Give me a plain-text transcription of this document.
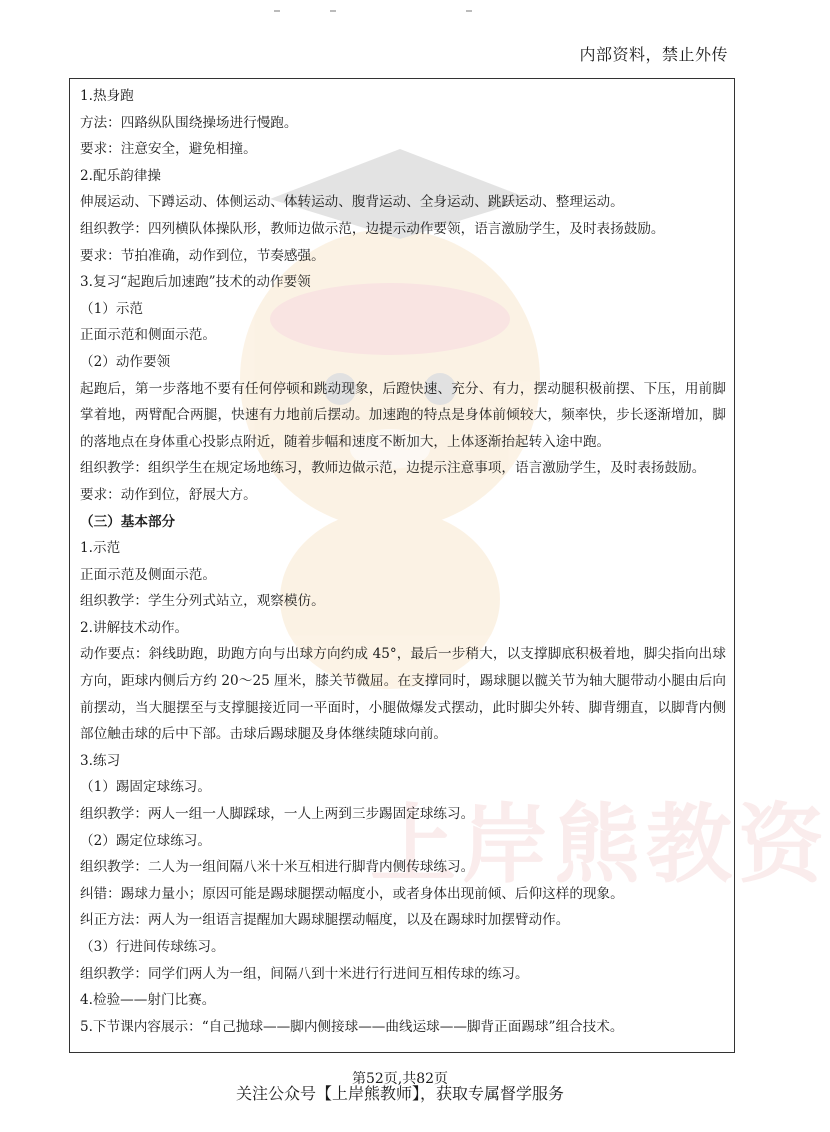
内部资料，禁止外传
上岸熊教资

1.热身跑

方法：四路纵队围绕操场进行慢跑。

要求：注意安全，避免相撞。

2.配乐韵律操

伸展运动、下蹲运动、体侧运动、体转运动、腹背运动、全身运动、跳跃运动、整理运动。

组织教学：四列横队体操队形，教师边做示范，边提示动作要领，语言激励学生，及时表扬鼓励。

要求：节拍准确，动作到位，节奏感强。

3.复习“起跑后加速跑”技术的动作要领

（1）示范

正面示范和侧面示范。

（2）动作要领

起跑后，第一步落地不要有任何停顿和跳动现象，后蹬快速、充分、有力，摆动腿积极前摆、下压，用前脚掌着地，两臂配合两腿，快速有力地前后摆动。加速跑的特点是身体前倾较大，频率快，步长逐渐增加，脚的落地点在身体重心投影点附近，随着步幅和速度不断加大，上体逐渐抬起转入途中跑。

组织教学：组织学生在规定场地练习，教师边做示范，边提示注意事项，语言激励学生，及时表扬鼓励。

要求：动作到位，舒展大方。

（三）基本部分

1.示范

正面示范及侧面示范。

组织教学：学生分列式站立，观察模仿。

2.讲解技术动作。

动作要点：斜线助跑，助跑方向与出球方向约成 45°，最后一步稍大，以支撑脚底积极着地，脚尖指向出球方向，距球内侧后方约 20～25 厘米，膝关节微屈。在支撑同时，踢球腿以髋关节为轴大腿带动小腿由后向前摆动，当大腿摆至与支撑腿接近同一平面时，小腿做爆发式摆动，此时脚尖外转、脚背绷直，以脚背内侧部位触击球的后中下部。击球后踢球腿及身体继续随球向前。

3.练习

（1）踢固定球练习。

组织教学：两人一组一人脚踩球，一人上两到三步踢固定球练习。

（2）踢定位球练习。

组织教学：二人为一组间隔八米十米互相进行脚背内侧传球练习。

纠错：踢球力量小；原因可能是踢球腿摆动幅度小，或者身体出现前倾、后仰这样的现象。

纠正方法：两人为一组语言提醒加大踢球腿摆动幅度，以及在踢球时加摆臂动作。

（3）行进间传球练习。

组织教学：同学们两人为一组，间隔八到十米进行行进间互相传球的练习。

4.检验——射门比赛。

5.下节课内容展示：“自己抛球——脚内侧接球——曲线运球——脚背正面踢球”组合技术。

第52页,共82页
关注公众号【上岸熊教师】，获取专属督学服务
